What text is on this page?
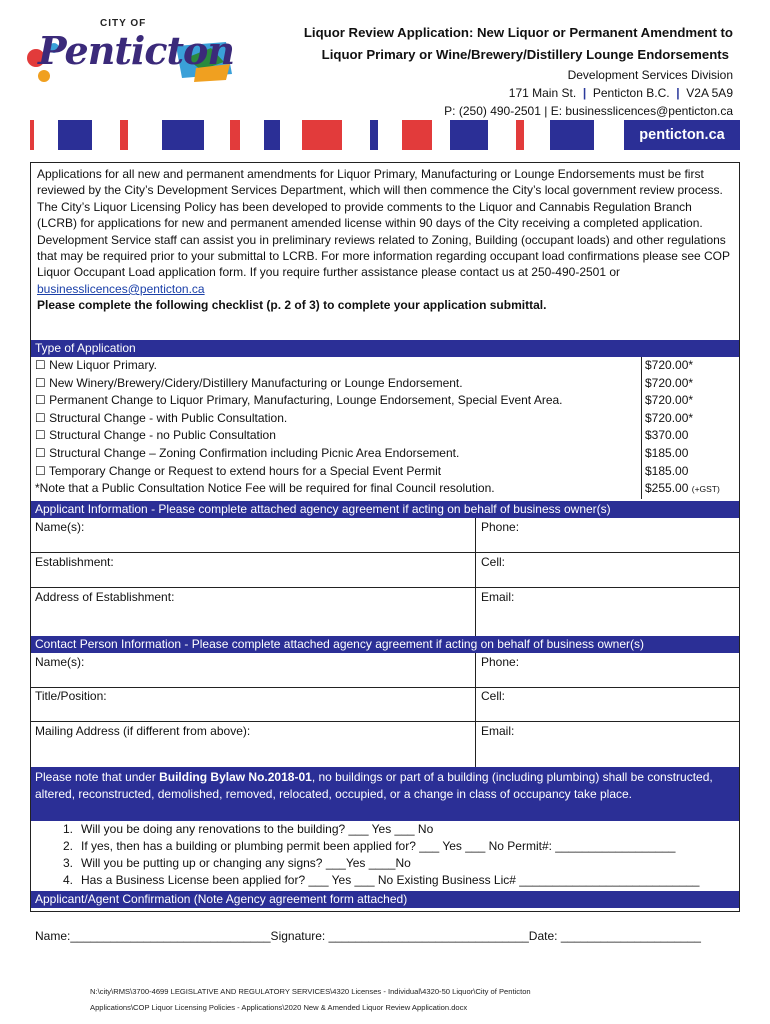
CITY OF
Penticton	Liquor Review Application: New Liquor or Permanent Amendment to
Liquor Primary or Wine/Brewery/Distillery Lounge Endorsements
Development Services Division
171 Main St. | Penticton B.C. | V2A 5A9
P: (250) 490-2501 | E: businesslicences@penticton.ca
penticton.ca

Applications for all new and permanent amendments for Liquor Primary, Manufacturing or Lounge Endorsements must be first reviewed by the City’s Development Services Department, which will then commence the City’s local government review process. The City’s Liquor Licensing Policy has been developed to provide comments to the Liquor and Cannabis Regulation Branch (LCRB) for applications for new and permanent amended license within 90 days of the City receiving a completed application.

Development Service staff can assist you in preliminary reviews related to Zoning, Building (occupant loads) and other regulations that may be required prior to your submittal to LCRB. For more information regarding occupant load confirmations please see COP Liquor Occupant Load application form. If you require further assistance please contact us at 250-490-2501 or businesslicences@penticton.ca

Please complete the following checklist (p. 2 of 3) to complete your application submittal.

Type of Application
☐ New Liquor Primary.	$720.00*
☐ New Winery/Brewery/Cidery/Distillery Manufacturing or Lounge Endorsement.	$720.00*
☐ Permanent Change to Liquor Primary, Manufacturing, Lounge Endorsement, Special Event Area.	$720.00*
☐ Structural Change - with Public Consultation.	$720.00*
☐ Structural Change - no Public Consultation	$370.00
☐ Structural Change – Zoning Confirmation including Picnic Area Endorsement.	$185.00
☐ Temporary Change or Request to extend hours for a Special Event Permit	$185.00
*Note that a Public Consultation Notice Fee will be required for final Council resolution.	$255.00 (+GST)
Applicant Information - Please complete attached agency agreement if acting on behalf of business owner(s)
Name(s):	Phone:
Establishment:	Cell:
Address of Establishment:	Email:
Contact Person Information - Please complete attached agency agreement if acting on behalf of business owner(s)
Name(s):	Phone:
Title/Position:	Cell:
Mailing Address (if different from above):	Email:
Please note that under Building Bylaw No.2018-01, no buildings or part of a building (including plumbing) shall be constructed, altered, reconstructed, demolished, removed, relocated, occupied, or a change in class of occupancy take place.
1. Will you be doing any renovations to the building? ___ Yes ___ No
2. If yes, then has a building or plumbing permit been applied for? ___ Yes ___ No Permit#: __________________
3. Will you be putting up or changing any signs? ___Yes ____No
4. Has a Business License been applied for? ___ Yes ___ No Existing Business Lic# ___________________________
Applicant/Agent Confirmation (Note Agency agreement form attached)
Name:______________________________Signature: ______________________________Date: _____________________
N:\city\RMS\3700-4699 LEGISLATIVE AND REGULATORY SERVICES\4320 Licenses - Individual\4320-50 Liquor\City of Penticton
Applications\COP Liquor Licensing Policies - Applications\2020 New & Amended Liquor Review Application.docx
